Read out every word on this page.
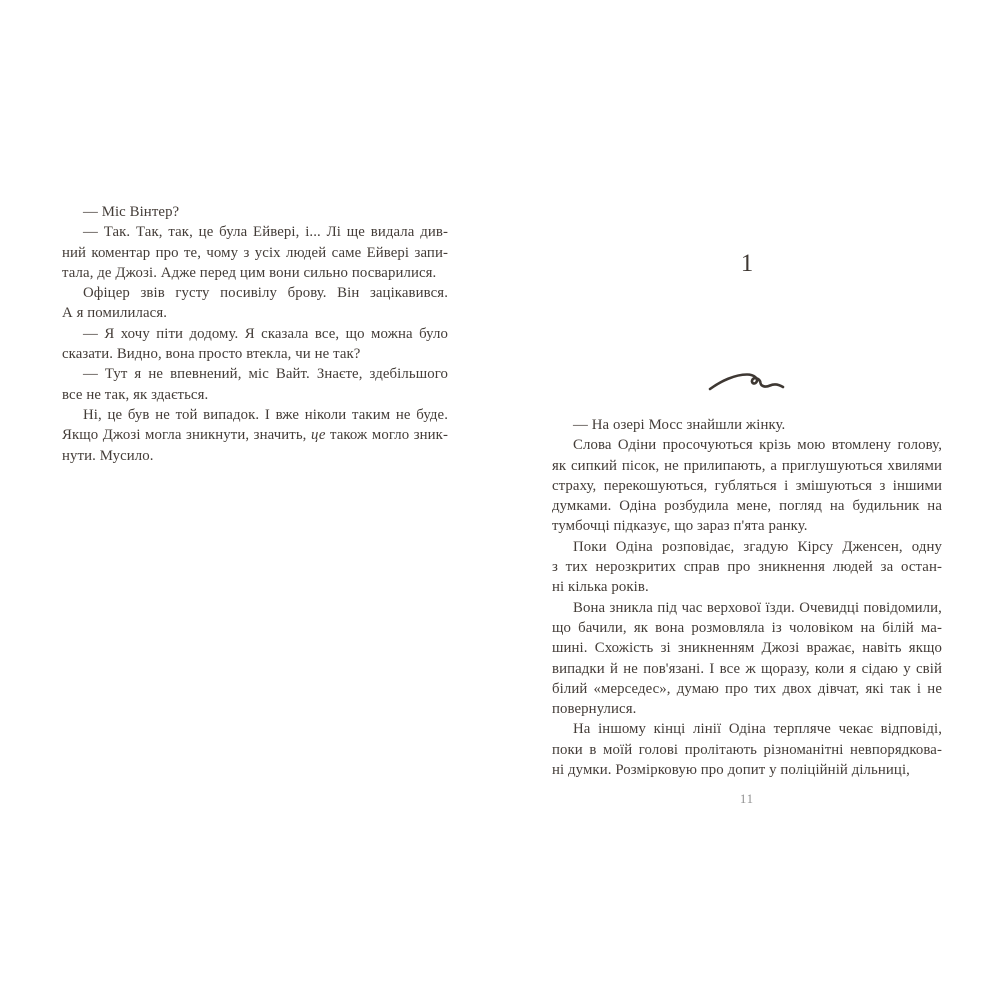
— Міс Вінтер?
— Так. Так, так, це була Ейвері, і... Лі ще видала див-
ний коментар про те, чому з усіх людей саме Ейвері запи-
тала, де Джозі. Адже перед цим вони сильно посварилися.
Офіцер звів густу посивілу брову. Він зацікавився.
А я помилилася.
— Я хочу піти додому. Я сказала все, що можна було
сказати. Видно, вона просто втекла, чи не так?
— Тут я не впевнений, міс Вайт. Знаєте, здебільшого
все не так, як здається.
Ні, це був не той випадок. І вже ніколи таким не буде.
Якщо Джозі могла зникнути, значить, це також могло зник-
нути. Мусило.
1
— На озері Мосс знайшли жінку.
Слова Одіни просочуються крізь мою втомлену голову,
як сипкий пісок, не прилипають, а приглушуються хвилями
страху, перекошуються, губляться і змішуються з іншими
думками. Одіна розбудила мене, погляд на будильник на
тумбочці підказує, що зараз п'ята ранку.
Поки Одіна розповідає, згадую Кірсу Дженсен, одну
з тих нерозкритих справ про зникнення людей за остан-
ні кілька років.
Вона зникла під час верхової їзди. Очевидці повідомили,
що бачили, як вона розмовляла із чоловіком на білій ма-
шині. Схожість зі зникненням Джозі вражає, навіть якщо
випадки й не пов'язані. І все ж щоразу, коли я сідаю у свій
білий «мерседес», думаю про тих двох дівчат, які так і не
повернулися.
На іншому кінці лінії Одіна терпляче чекає відповіді,
поки в моїй голові пролітають різноманітні невпорядкова-
ні думки. Розмірковую про допит у поліційній дільниці,
11
